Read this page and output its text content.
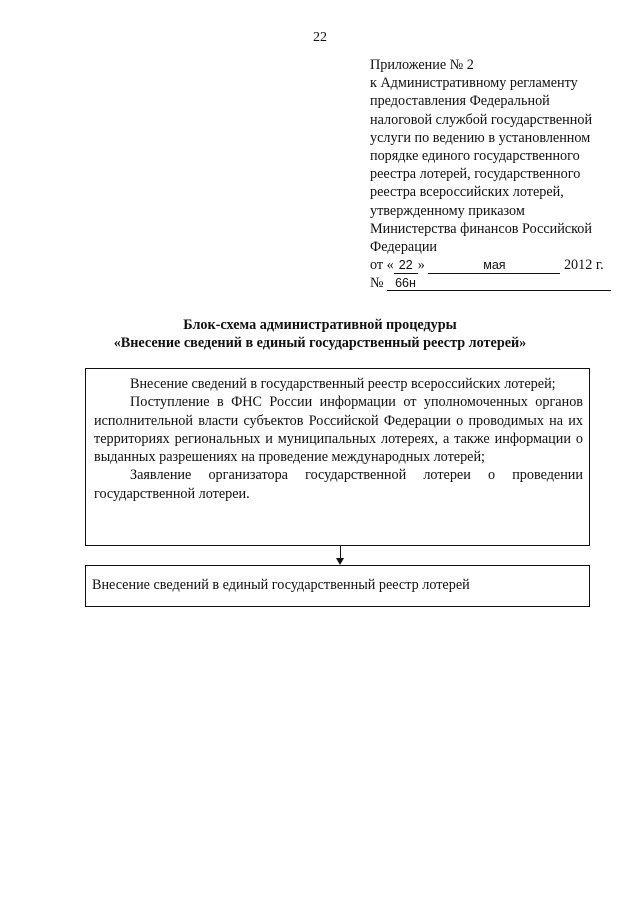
22
Приложение № 2
к Административному регламенту
предоставления Федеральной
налоговой службой государственной
услуги по ведению в установленном
порядке единого государственного
реестра лотерей, государственного
реестра всероссийских лотерей,
утвержденному приказом
Министерства финансов Российской
Федерации
от « 22 »	мая	2012 г.
№ 66н
Блок-схема административной процедуры
«Внесение сведений в единый государственный реестр лотерей»

Внесение сведений в государственный реестр всероссийских лотерей;

Поступление в ФНС России информации от уполномоченных органов исполнительной власти субъектов Российской Федерации о проводимых на их территориях региональных и муниципальных лотереях, а также информации о выданных разрешениях на проведение международных лотерей;

Заявление организатора государственной лотереи о проведении государственной лотереи.

Внесение сведений в единый государственный реестр лотерей
